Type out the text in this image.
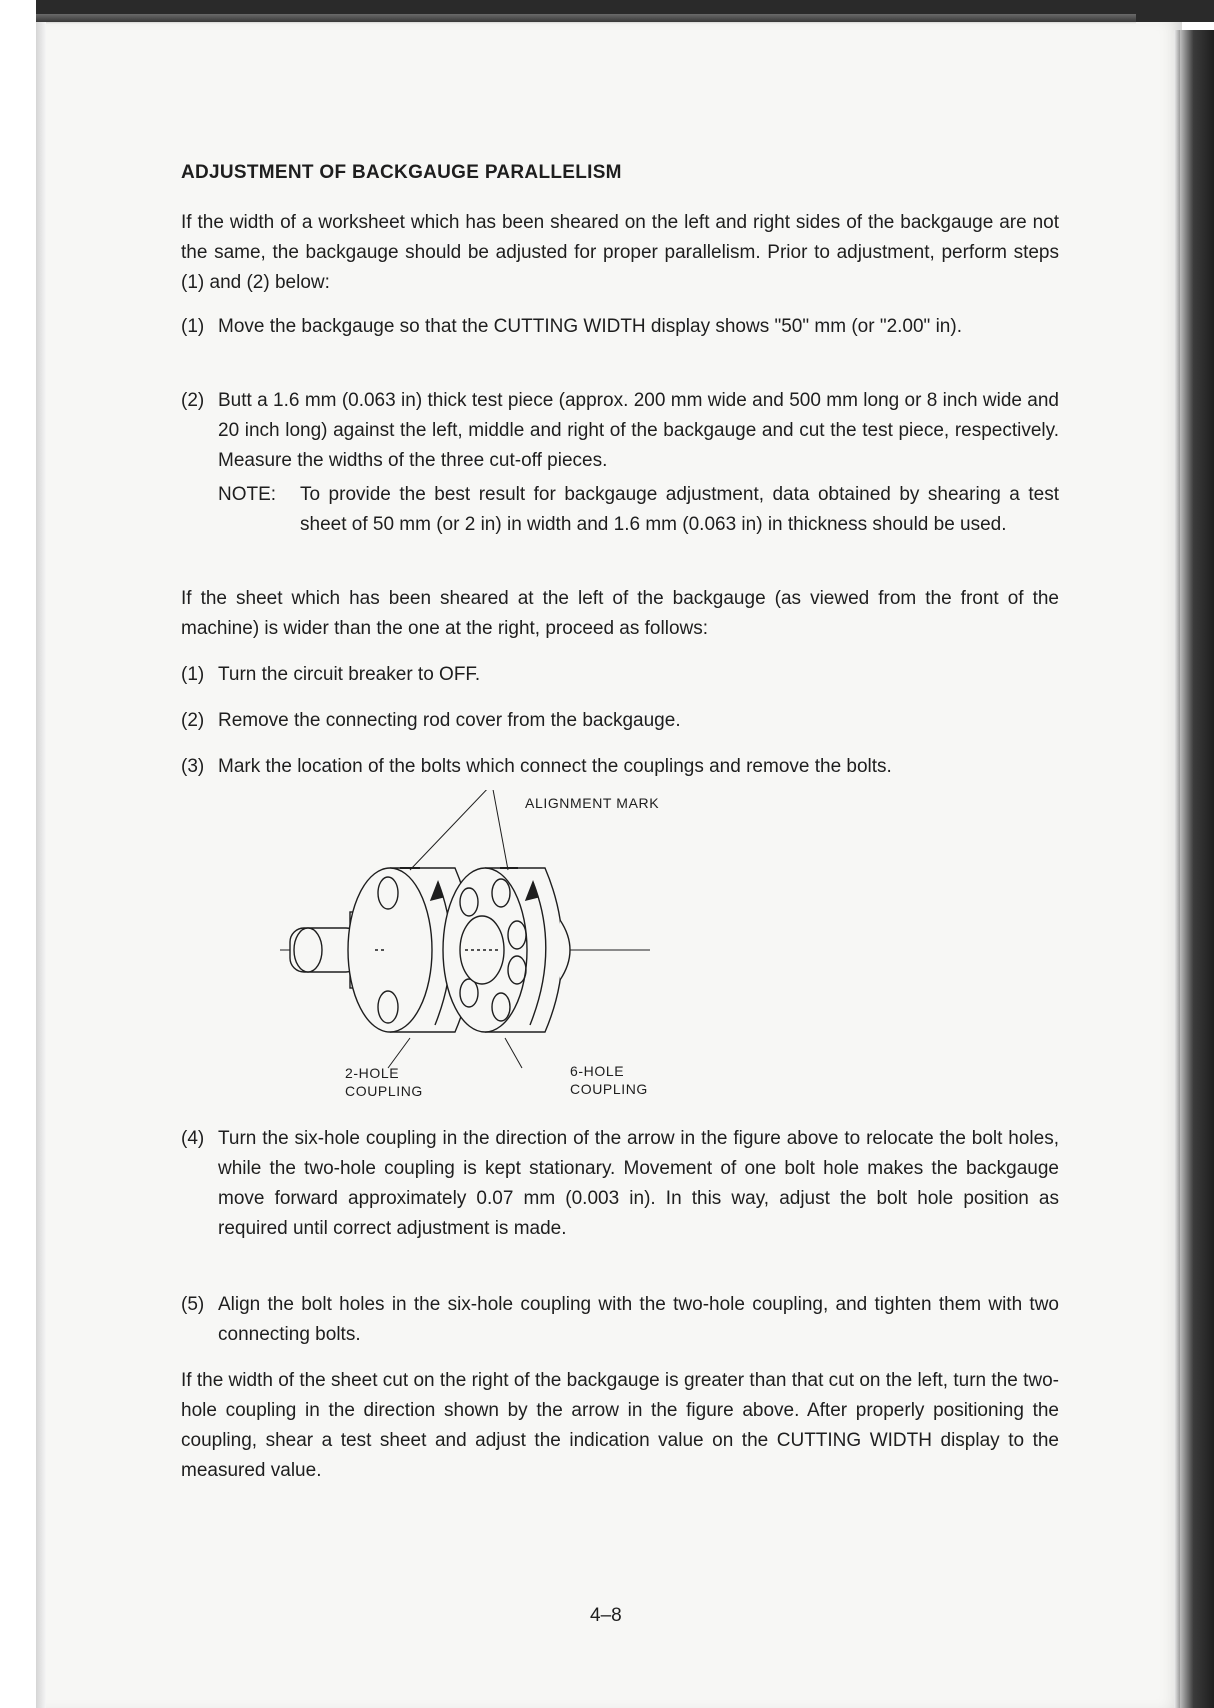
ADJUSTMENT OF BACKGAUGE PARALLELISM
If the width of a worksheet which has been sheared on the left and right sides of the backgauge are not the same, the backgauge should be adjusted for proper parallelism. Prior to adjustment, perform steps (1) and (2) below:
(1) Move the backgauge so that the CUTTING WIDTH display shows "50" mm (or "2.00" in).
(2) Butt a 1.6 mm (0.063 in) thick test piece (approx. 200 mm wide and 500 mm long or 8 inch wide and 20 inch long) against the left, middle and right of the backgauge and cut the test piece, respectively. Measure the widths of the three cut-off pieces.
NOTE: To provide the best result for backgauge adjustment, data obtained by shearing a test sheet of 50 mm (or 2 in) in width and 1.6 mm (0.063 in) in thickness should be used.
If the sheet which has been sheared at the left of the backgauge (as viewed from the front of the machine) is wider than the one at the right, proceed as follows:
(1) Turn the circuit breaker to OFF.
(2) Remove the connecting rod cover from the backgauge.
(3) Mark the location of the bolts which connect the couplings and remove the bolts.
ALIGNMENT MARK
2-HOLE
COUPLING
6-HOLE
COUPLING
(4) Turn the six-hole coupling in the direction of the arrow in the figure above to relocate the bolt holes, while the two-hole coupling is kept stationary. Movement of one bolt hole makes the backgauge move forward approximately 0.07 mm (0.003 in). In this way, adjust the bolt hole position as required until correct adjustment is made.
(5) Align the bolt holes in the six-hole coupling with the two-hole coupling, and tighten them with two connecting bolts.
If the width of the sheet cut on the right of the backgauge is greater than that cut on the left, turn the two-hole coupling in the direction shown by the arrow in the figure above. After properly positioning the coupling, shear a test sheet and adjust the indication value on the CUTTING WIDTH display to the measured value.
4–8
